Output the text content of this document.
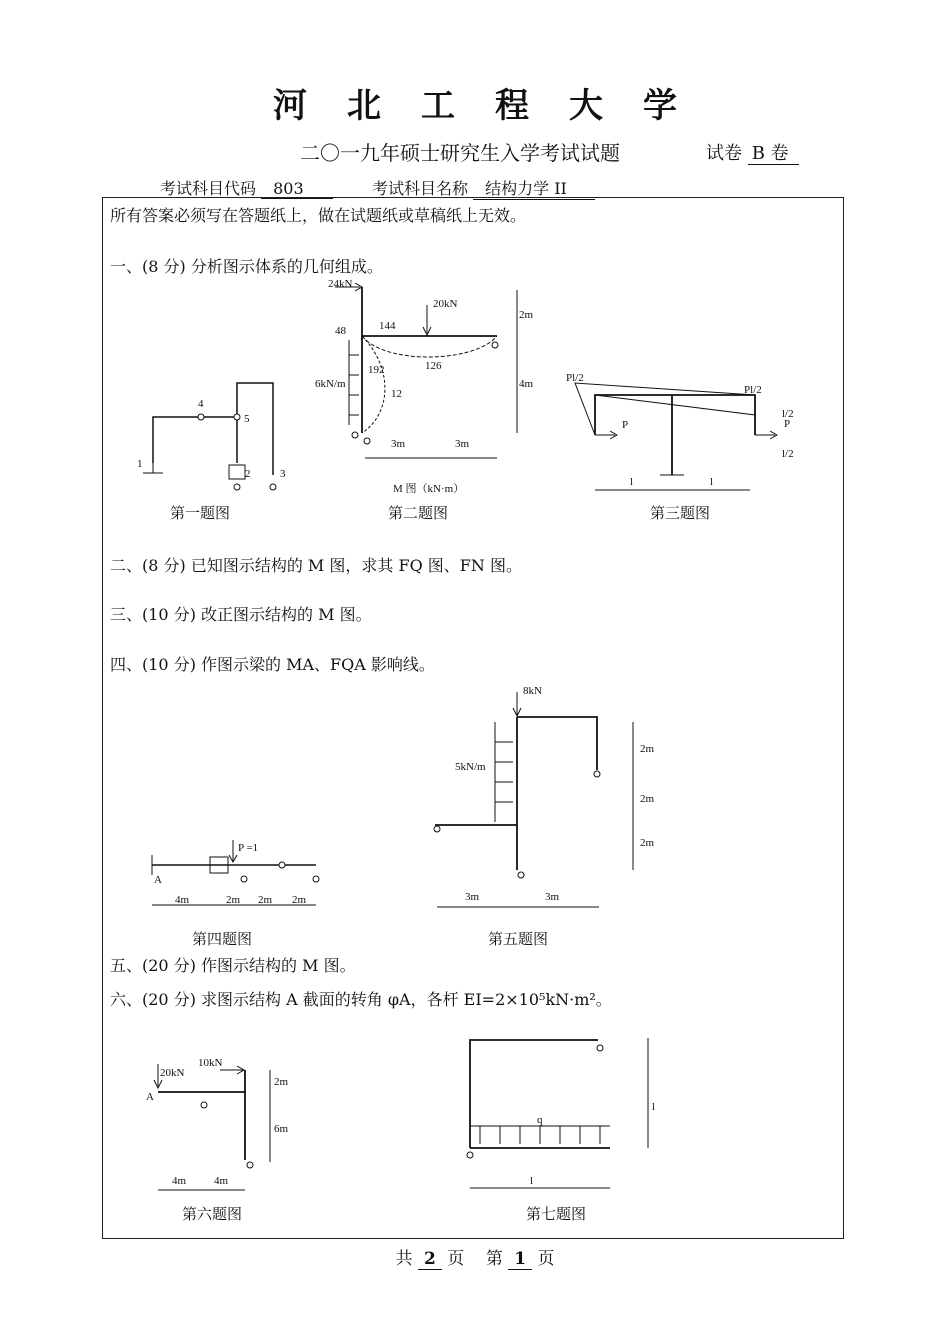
河北工程大学
二〇一九年硕士研究生入学考试试题	试卷 B 卷
考试科目代码 803	考试科目名称 结构力学 II
所有答案必须写在答题纸上，做在试题纸或草稿纸上无效。
一、(8 分) 分析图示体系的几何组成。
1
2	3
4
5
第一题图
24kN
20kN
48	144
2m
6kN/m
192	126
4m
12
3m	3m
M 图（kN·m）
第二题图
Pl/2
Pl/2
P	P
l/2
l/2
l	l
第三题图
二、(8 分) 已知图示结构的 M 图，求其 FQ 图、FN 图。
三、(10 分) 改正图示结构的 M 图。
四、(10 分) 作图示梁的 MA、FQA 影响线。
P =1
A
4m	2m 2m 2m
第四题图
8kN
5kN/m
2m
2m
2m
3m	3m
第五题图
五、(20 分) 作图示结构的 M 图。
六、(20 分) 求图示结构 A 截面的转角 φA，各杆 EI=2×10⁵kN·m²。
20kN
10kN
A
2m
6m
4m	4m
第六题图
q
l
l
第七题图
共 2 页 第 1 页
